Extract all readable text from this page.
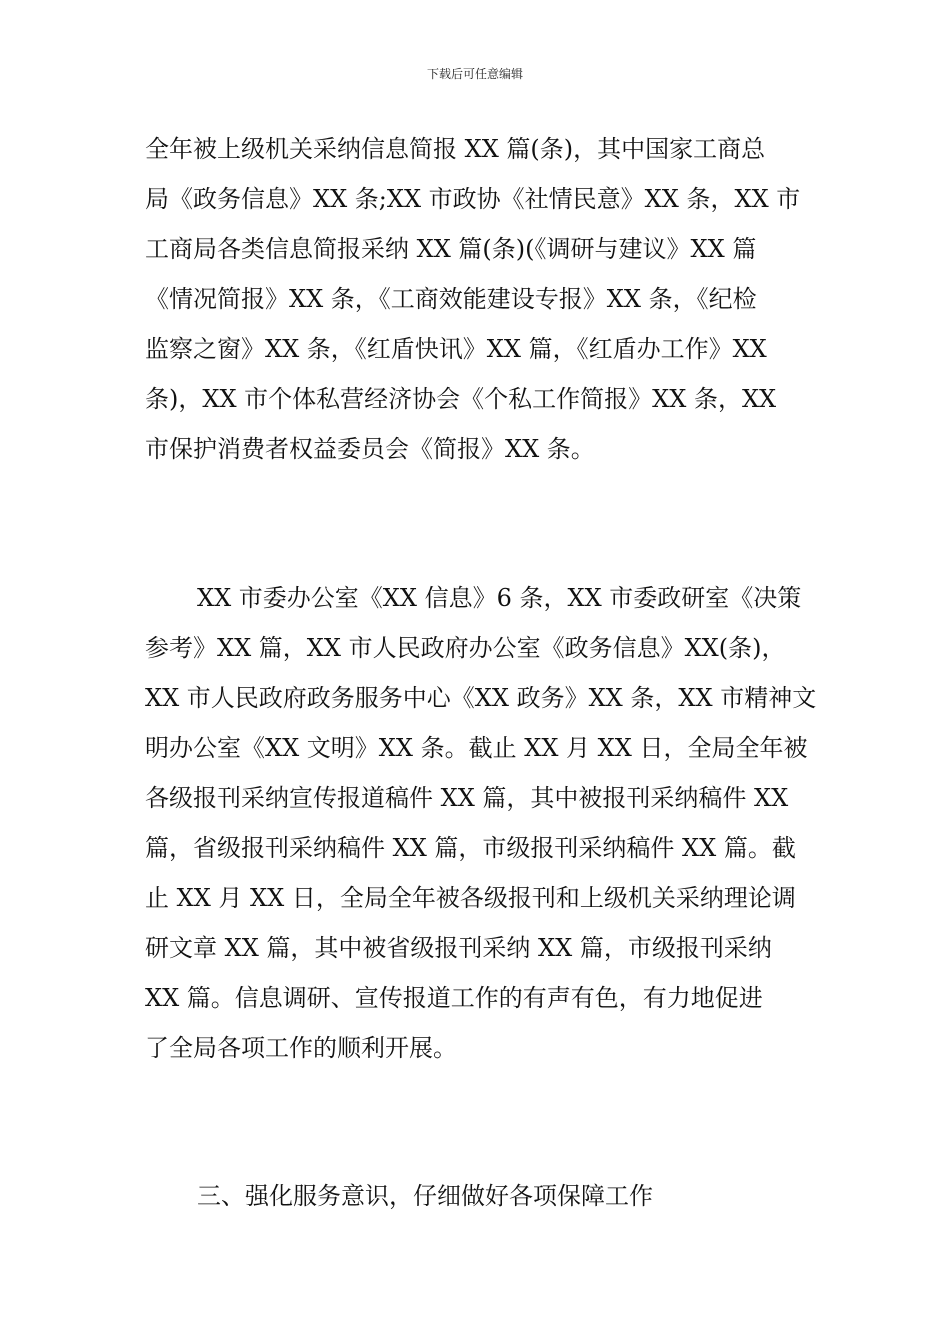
下载后可任意编辑
全年被上级机关采纳信息简报 XX 篇(条)，其中国家工商总
局《政务信息》XX 条;XX 市政协《社情民意》XX 条，XX 市
工商局各类信息简报采纳 XX 篇(条)(《调研与建议》XX 篇
《情况简报》XX 条，《工商效能建设专报》XX 条，《纪检
监察之窗》XX 条，《红盾快讯》XX 篇，《红盾办工作》XX
条)，XX 市个体私营经济协会《个私工作简报》XX 条，XX
市保护消费者权益委员会《简报》XX 条。
XX 市委办公室《XX 信息》6 条，XX 市委政研室《决策
参考》XX 篇，XX 市人民政府办公室《政务信息》XX(条)，
XX 市人民政府政务服务中心《XX 政务》XX 条，XX 市精神文
明办公室《XX 文明》XX 条。截止 XX 月 XX 日，全局全年被
各级报刊采纳宣传报道稿件 XX 篇，其中被报刊采纳稿件 XX
篇，省级报刊采纳稿件 XX 篇，市级报刊采纳稿件 XX 篇。截
止 XX 月 XX 日，全局全年被各级报刊和上级机关采纳理论调
研文章 XX 篇，其中被省级报刊采纳 XX 篇，市级报刊采纳
XX 篇。信息调研、宣传报道工作的有声有色，有力地促进
了全局各项工作的顺利开展。
三、强化服务意识，仔细做好各项保障工作
